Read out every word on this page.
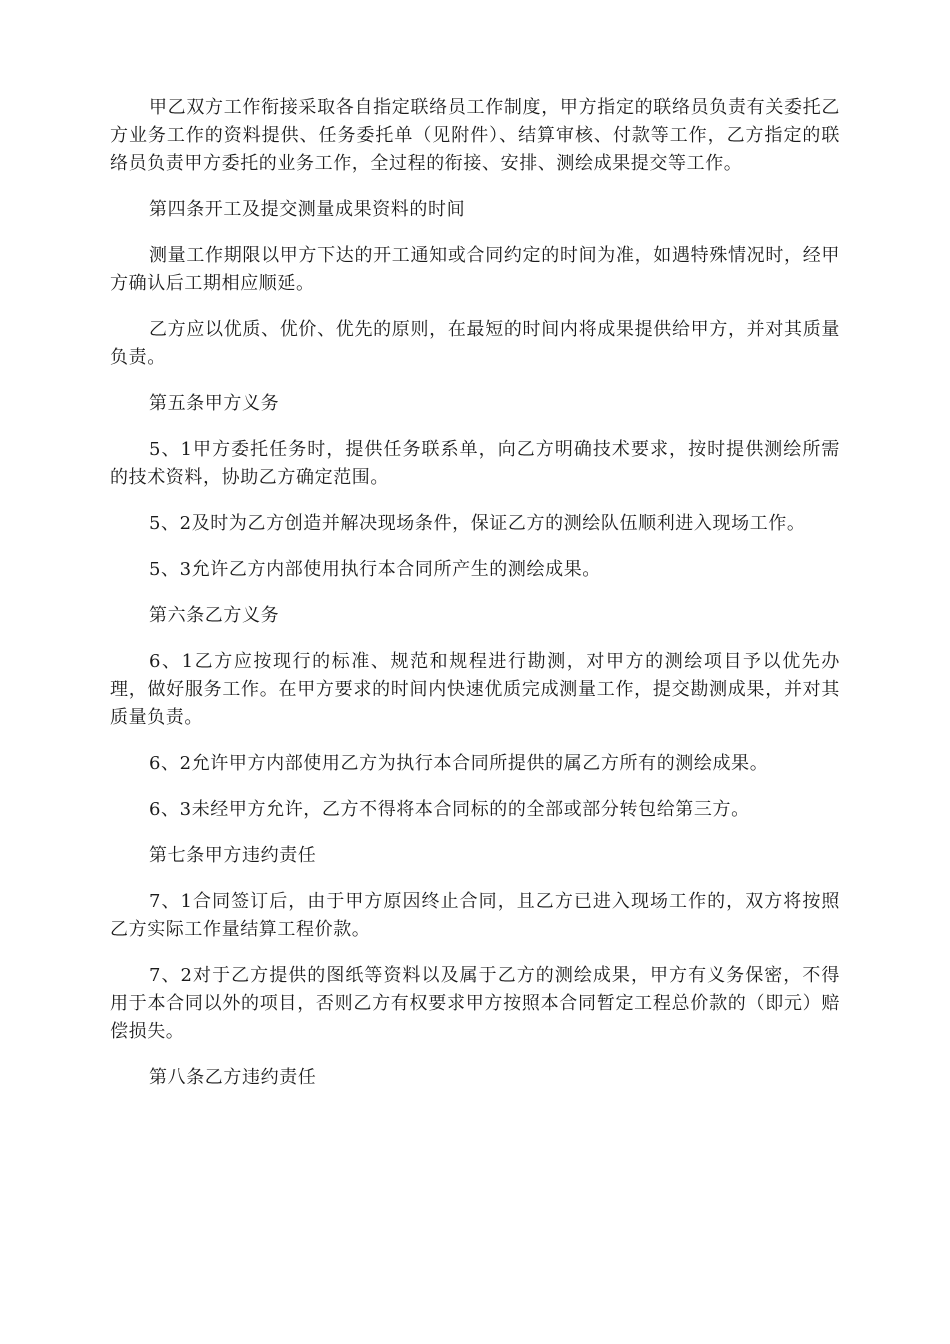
甲乙双方工作衔接采取各自指定联络员工作制度，甲方指定的联络员负责有关委托乙方业务工作的资料提供、任务委托单（见附件）、结算审核、付款等工作，乙方指定的联络员负责甲方委托的业务工作，全过程的衔接、安排、测绘成果提交等工作。

第四条开工及提交测量成果资料的时间

测量工作期限以甲方下达的开工通知或合同约定的时间为准，如遇特殊情况时，经甲方确认后工期相应顺延。

乙方应以优质、优价、优先的原则，在最短的时间内将成果提供给甲方，并对其质量负责。

第五条甲方义务

5、1甲方委托任务时，提供任务联系单，向乙方明确技术要求，按时提供测绘所需的技术资料，协助乙方确定范围。

5、2及时为乙方创造并解决现场条件，保证乙方的测绘队伍顺利进入现场工作。

5、3允许乙方内部使用执行本合同所产生的测绘成果。

第六条乙方义务

6、1乙方应按现行的标准、规范和规程进行勘测，对甲方的测绘项目予以优先办理，做好服务工作。在甲方要求的时间内快速优质完成测量工作，提交勘测成果，并对其质量负责。

6、2允许甲方内部使用乙方为执行本合同所提供的属乙方所有的测绘成果。

6、3未经甲方允许，乙方不得将本合同标的的全部或部分转包给第三方。

第七条甲方违约责任

7、1合同签订后，由于甲方原因终止合同，且乙方已进入现场工作的，双方将按照乙方实际工作量结算工程价款。

7、2对于乙方提供的图纸等资料以及属于乙方的测绘成果，甲方有义务保密，不得用于本合同以外的项目，否则乙方有权要求甲方按照本合同暂定工程总价款的（即元）赔偿损失。

第八条乙方违约责任
